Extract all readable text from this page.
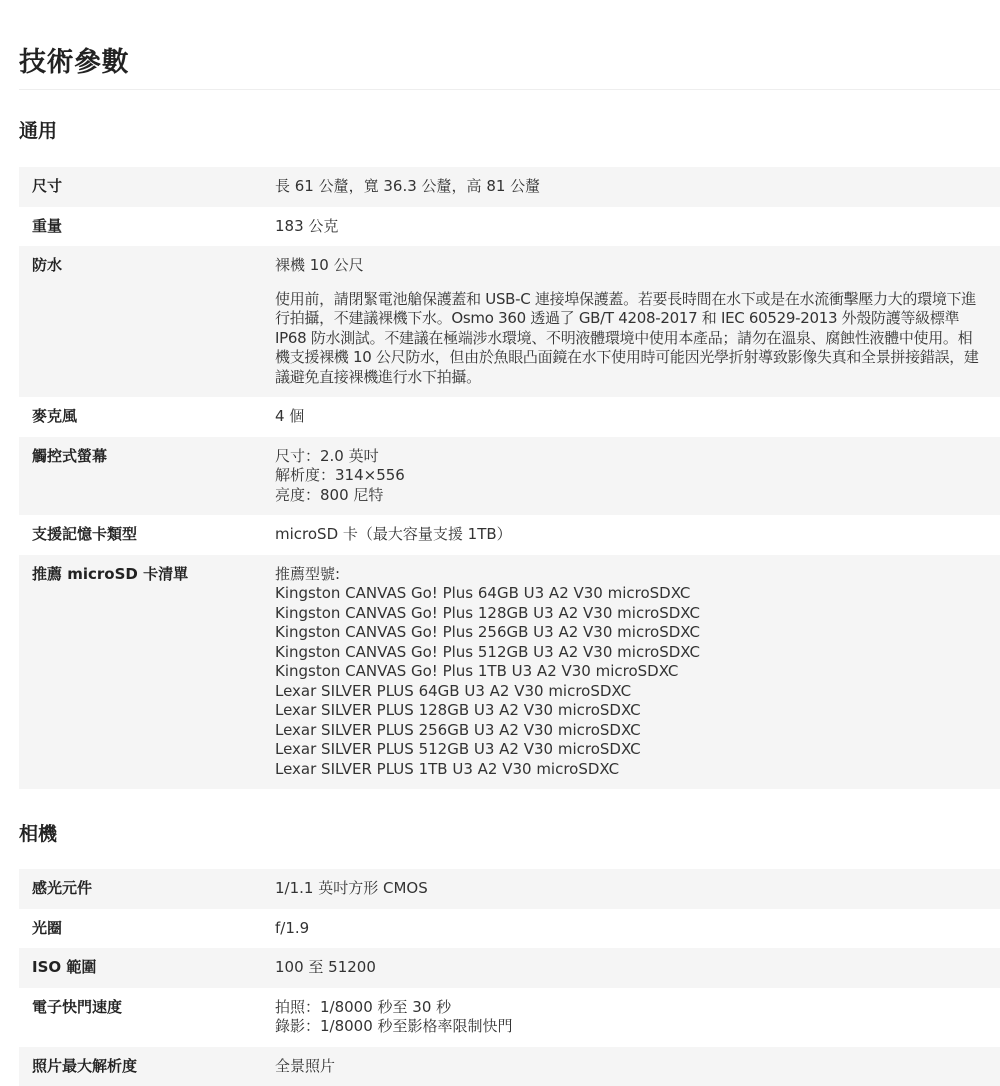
技術參數
通用
尺寸	長 61 公釐，寬 36.3 公釐，高 81 公釐
重量	183 公克
防水	裸機 10 公尺
使用前，請閉緊電池艙保護蓋和 USB-C 連接埠保護蓋。若要長時間在水下或是在水流衝擊壓力大的環境下進行拍攝，不建議裸機下水。Osmo 360 透過了 GB/T 4208-2017 和 IEC 60529-2013 外殼防護等級標準 IP68 防水測試。不建議在極端涉水環境、不明液體環境中使用本產品；請勿在溫泉、腐蝕性液體中使用。相機支援裸機 10 公尺防水，但由於魚眼凸面鏡在水下使用時可能因光學折射導致影像失真和全景拼接錯誤，建議避免直接裸機進行水下拍攝。
麥克風	4 個
觸控式螢幕	尺寸：2.0 英吋
解析度：314×556
亮度：800 尼特
支援記憶卡類型	microSD 卡（最大容量支援 1TB）
推薦 microSD 卡清單	推薦型號:
Kingston CANVAS Go! Plus 64GB U3 A2 V30 microSDXC
Kingston CANVAS Go! Plus 128GB U3 A2 V30 microSDXC
Kingston CANVAS Go! Plus 256GB U3 A2 V30 microSDXC
Kingston CANVAS Go! Plus 512GB U3 A2 V30 microSDXC
Kingston CANVAS Go! Plus 1TB U3 A2 V30 microSDXC
Lexar SILVER PLUS 64GB U3 A2 V30 microSDXC
Lexar SILVER PLUS 128GB U3 A2 V30 microSDXC
Lexar SILVER PLUS 256GB U3 A2 V30 microSDXC
Lexar SILVER PLUS 512GB U3 A2 V30 microSDXC
Lexar SILVER PLUS 1TB U3 A2 V30 microSDXC
相機
感光元件	1/1.1 英吋方形 CMOS
光圈	f/1.9
ISO 範圍	100 至 51200
電子快門速度	拍照：1/8000 秒至 30 秒
錄影：1/8000 秒至影格率限制快門
照片最大解析度	全景照片
